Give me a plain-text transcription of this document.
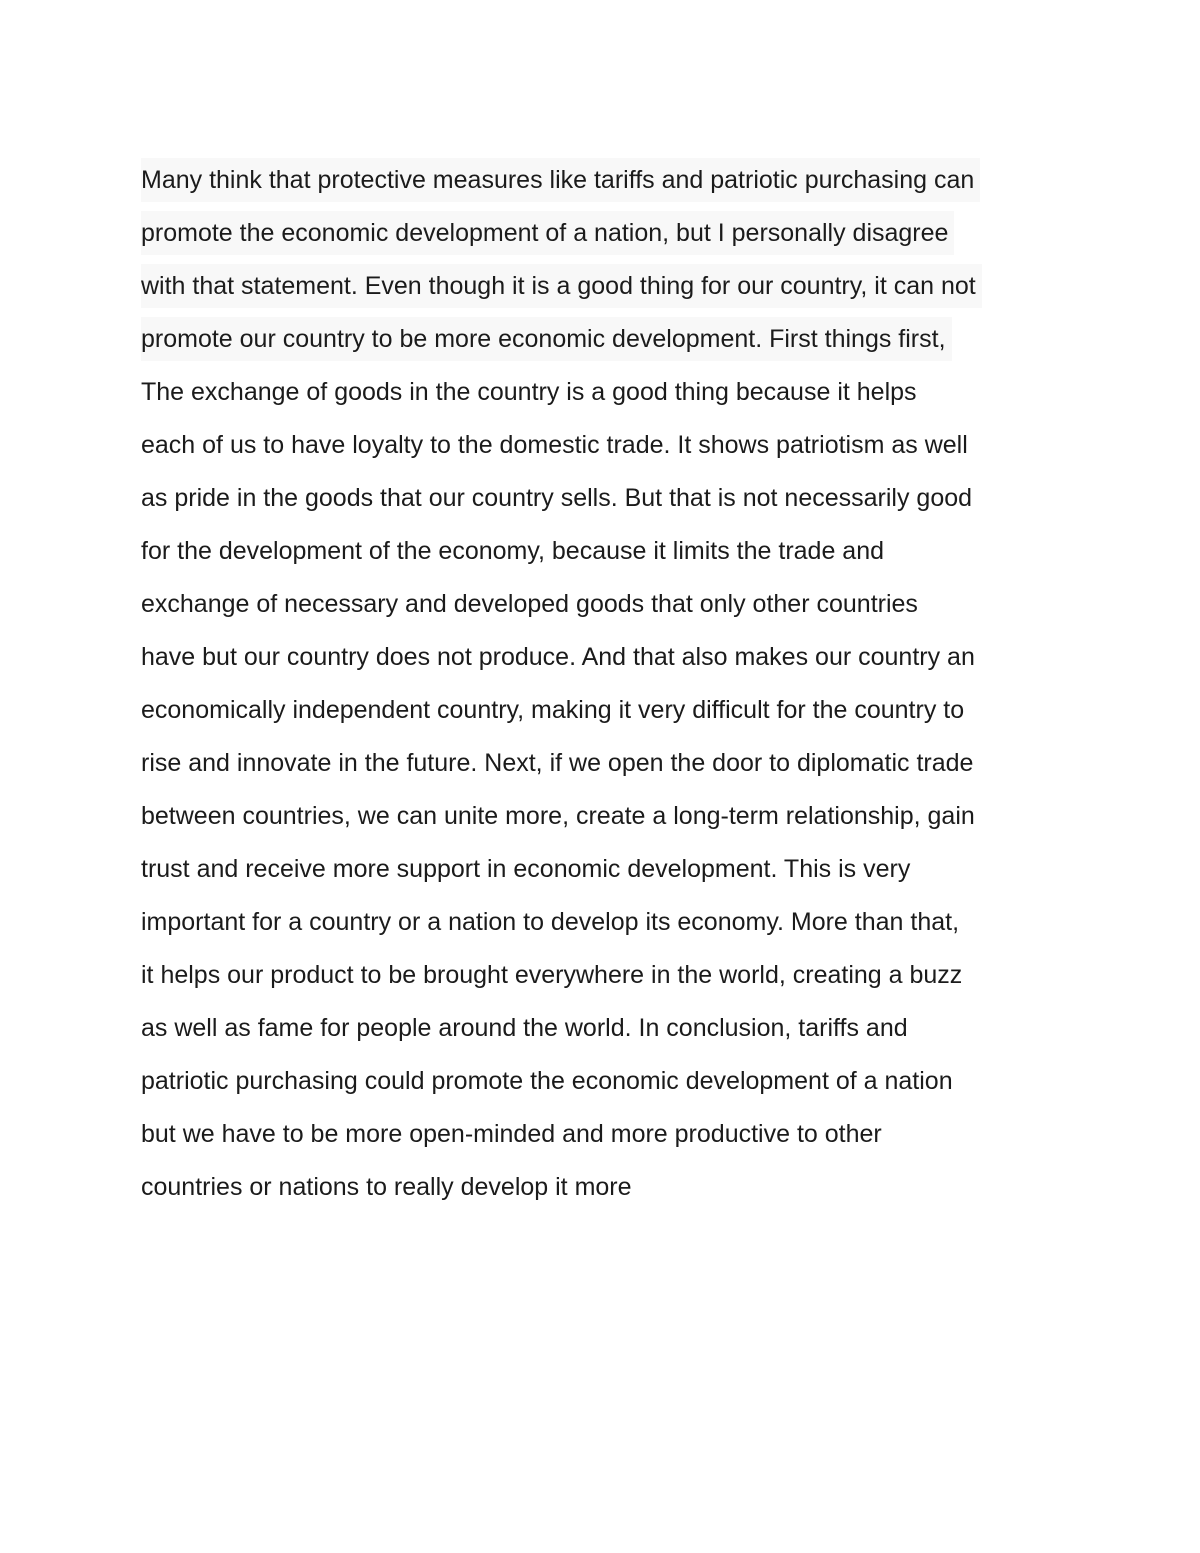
Many think that protective measures like tariffs and patriotic purchasing can
promote the economic development of a nation, but I personally disagree
with that statement. Even though it is a good thing for our country, it can not
promote our country to be more economic development. First things first,
The exchange of goods in the country is a good thing because it helps
each of us to have loyalty to the domestic trade. It shows patriotism as well
as pride in the goods that our country sells. But that is not necessarily good
for the development of the economy, because it limits the trade and
exchange of necessary and developed goods that only other countries
have but our country does not produce. And that also makes our country an
economically independent country, making it very difficult for the country to
rise and innovate in the future. Next, if we open the door to diplomatic trade
between countries, we can unite more, create a long-term relationship, gain
trust and receive more support in economic development. This is very
important for a country or a nation to develop its economy. More than that,
it helps our product to be brought everywhere in the world, creating a buzz
as well as fame for people around the world. In conclusion, tariffs and
patriotic purchasing could promote the economic development of a nation
but we have to be more open-minded and more productive to other
countries or nations to really develop it more
